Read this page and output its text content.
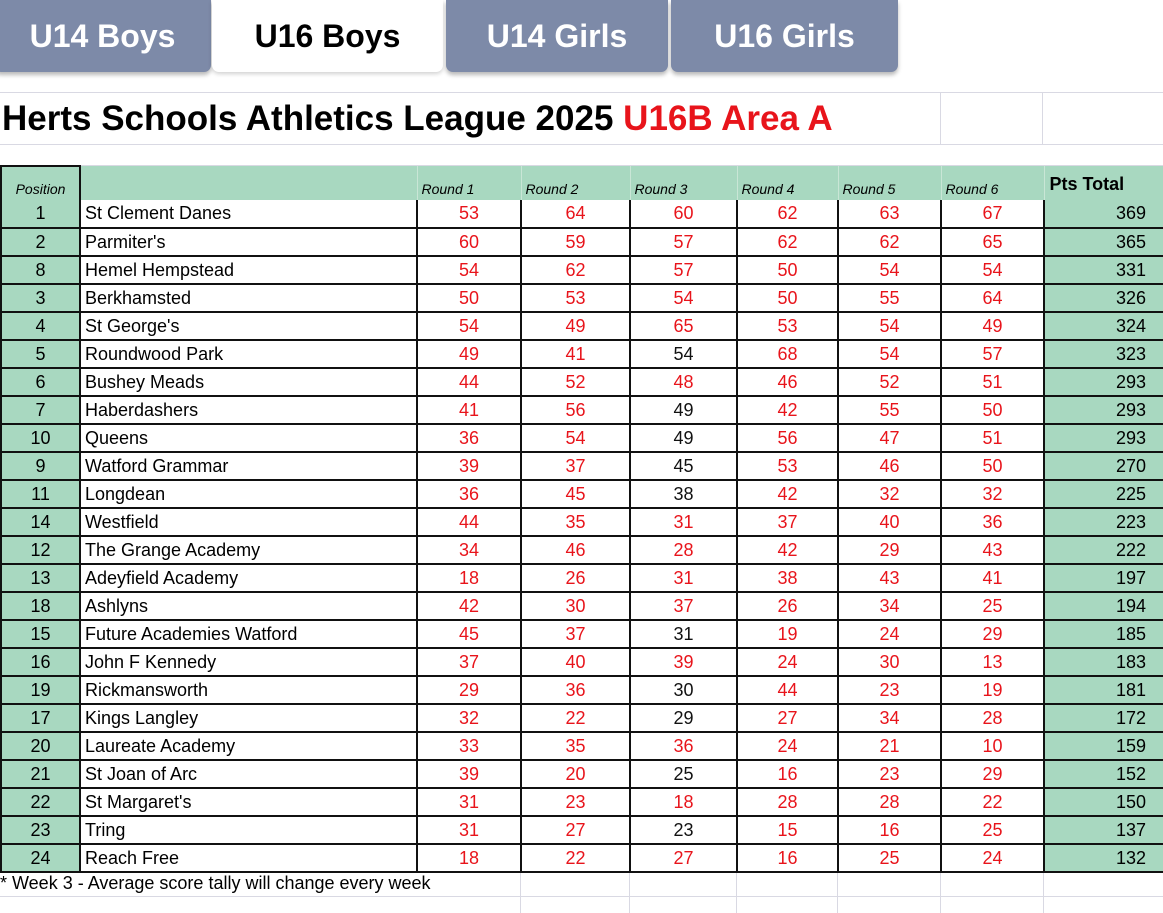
U14 Boys	U16 Boys	U14 Girls	U16 Girls
Herts Schools Athletics League 2025 U16B Area A
Position		Round 1	Round 2	Round 3	Round 4	Round 5	Round 6	Pts Total
1	St Clement Danes	53	64	60	62	63	67	369
2	Parmiter's	60	59	57	62	62	65	365
8	Hemel Hempstead	54	62	57	50	54	54	331
3	Berkhamsted	50	53	54	50	55	64	326
4	St George's	54	49	65	53	54	49	324
5	Roundwood Park	49	41	54	68	54	57	323
6	Bushey Meads	44	52	48	46	52	51	293
7	Haberdashers	41	56	49	42	55	50	293
10	Queens	36	54	49	56	47	51	293
9	Watford Grammar	39	37	45	53	46	50	270
11	Longdean	36	45	38	42	32	32	225
14	Westfield	44	35	31	37	40	36	223
12	The Grange Academy	34	46	28	42	29	43	222
13	Adeyfield Academy	18	26	31	38	43	41	197
18	Ashlyns	42	30	37	26	34	25	194
15	Future Academies Watford	45	37	31	19	24	29	185
16	John F Kennedy	37	40	39	24	30	13	183
19	Rickmansworth	29	36	30	44	23	19	181
17	Kings Langley	32	22	29	27	34	28	172
20	Laureate Academy	33	35	36	24	21	10	159
21	St Joan of Arc	39	20	25	16	23	29	152
22	St Margaret's	31	23	18	28	28	22	150
23	Tring	31	27	23	15	16	25	137
24	Reach Free	18	22	27	16	25	24	132
* Week 3 - Average score tally will change every week
